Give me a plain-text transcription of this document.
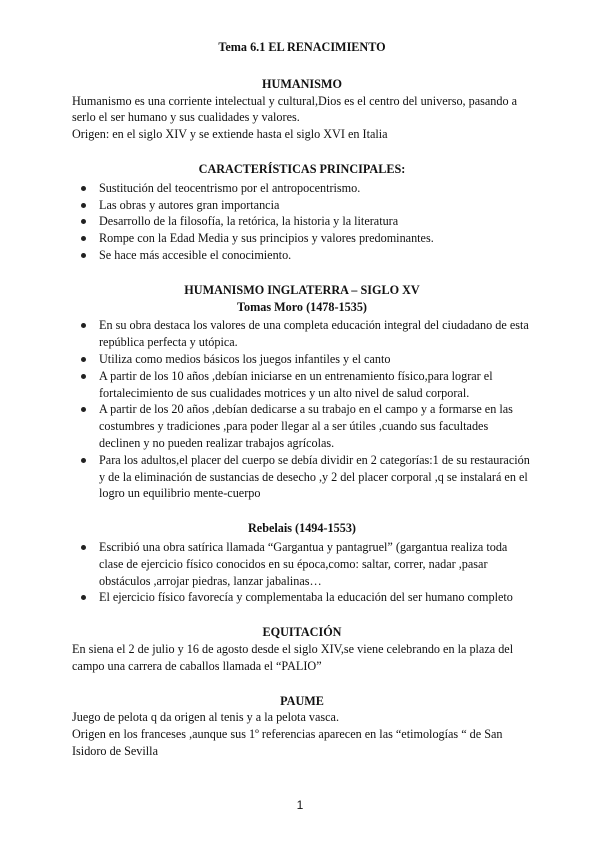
Tema 6.1 EL RENACIMIENTO
HUMANISMO

Humanismo es una corriente intelectual y cultural,Dios es el centro del universo, pasando a serlo el ser humano y sus cualidades y valores.

Origen: en el siglo XIV y se extiende hasta el siglo XVI en Italia

CARACTERÍSTICAS PRINCIPALES:
Sustitución del teocentrismo por el antropocentrismo.
Las obras y autores gran importancia
Desarrollo de la filosofía, la retórica, la historia y la literatura
Rompe con la Edad Media y sus principios y valores predominantes.
Se hace más accesible el conocimiento.
HUMANISMO INGLATERRA – SIGLO XV
Tomas Moro (1478-1535)
En su obra destaca los valores de una completa educación integral del ciudadano de esta república perfecta y utópica.
Utiliza como medios básicos los juegos infantiles y el canto
A partir de los 10 años ,debían iniciarse en un entrenamiento físico,para lograr el fortalecimiento de sus cualidades motrices y un alto nivel de salud corporal.
A partir de los 20 años ,debían dedicarse a su trabajo en el campo y a formarse en las costumbres y tradiciones ,para poder llegar al a ser útiles ,cuando sus facultades declinen y no pueden realizar trabajos agrícolas.
Para los adultos,el placer del cuerpo se debía dividir en 2 categorías:1 de su restauración y de la eliminación de sustancias de desecho ,y 2 del placer corporal ,q se instalará en el logro un equilibrio mente-cuerpo
Rebelais (1494-1553)
Escribió una obra satírica llamada “Gargantua y pantagruel” (gargantua realiza toda clase de ejercicio físico conocidos en su época,como: saltar, correr, nadar ,pasar obstáculos ,arrojar piedras, lanzar jabalinas…
El ejercicio físico favorecía y complementaba la educación del ser humano completo
EQUITACIÓN

En siena el 2 de julio y 16 de agosto desde el siglo XIV,se viene celebrando en la plaza del campo una carrera de caballos llamada el “PALIO”

PAUME

Juego de pelota q da origen al tenis y a la pelota vasca.

Origen en los franceses ,aunque sus 1º referencias aparecen en las “etimologías “ de San Isidoro de Sevilla

1
